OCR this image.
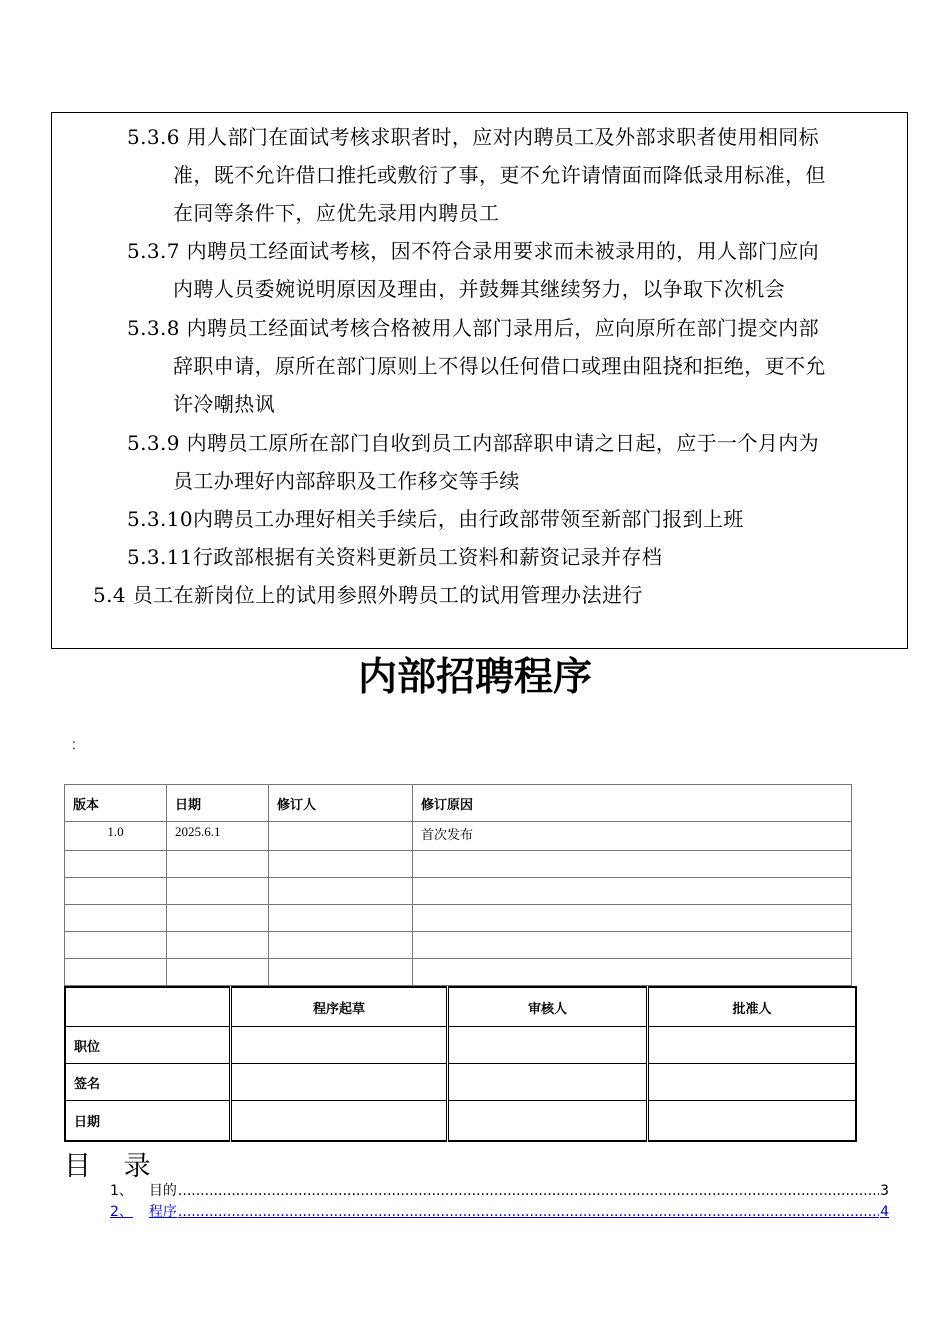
5.3.6 用人部门在面试考核求职者时，应对内聘员工及外部求职者使用相同标
准，既不允许借口推托或敷衍了事，更不允许请情面而降低录用标准，但
在同等条件下，应优先录用内聘员工
5.3.7 内聘员工经面试考核，因不符合录用要求而未被录用的，用人部门应向
内聘人员委婉说明原因及理由，并鼓舞其继续努力，以争取下次机会
5.3.8 内聘员工经面试考核合格被用人部门录用后，应向原所在部门提交内部
辞职申请，原所在部门原则上不得以任何借口或理由阻挠和拒绝，更不允
许冷嘲热讽
5.3.9 内聘员工原所在部门自收到员工内部辞职申请之日起，应于一个月内为
员工办理好内部辞职及工作移交等手续
5.3.10内聘员工办理好相关手续后，由行政部带领至新部门报到上班
5.3.11行政部根据有关资料更新员工资料和薪资记录并存档
5.4 员工在新岗位上的试用参照外聘员工的试用管理办法进行
内部招聘程序
:
版本	日期	修订人	修订原因
1.0	2025.6.1		首次发布

	程序起草	审核人	批准人
职位			
签名			
日期			
目 录
1、 目的 .....	3
2、	程序 .....	4
